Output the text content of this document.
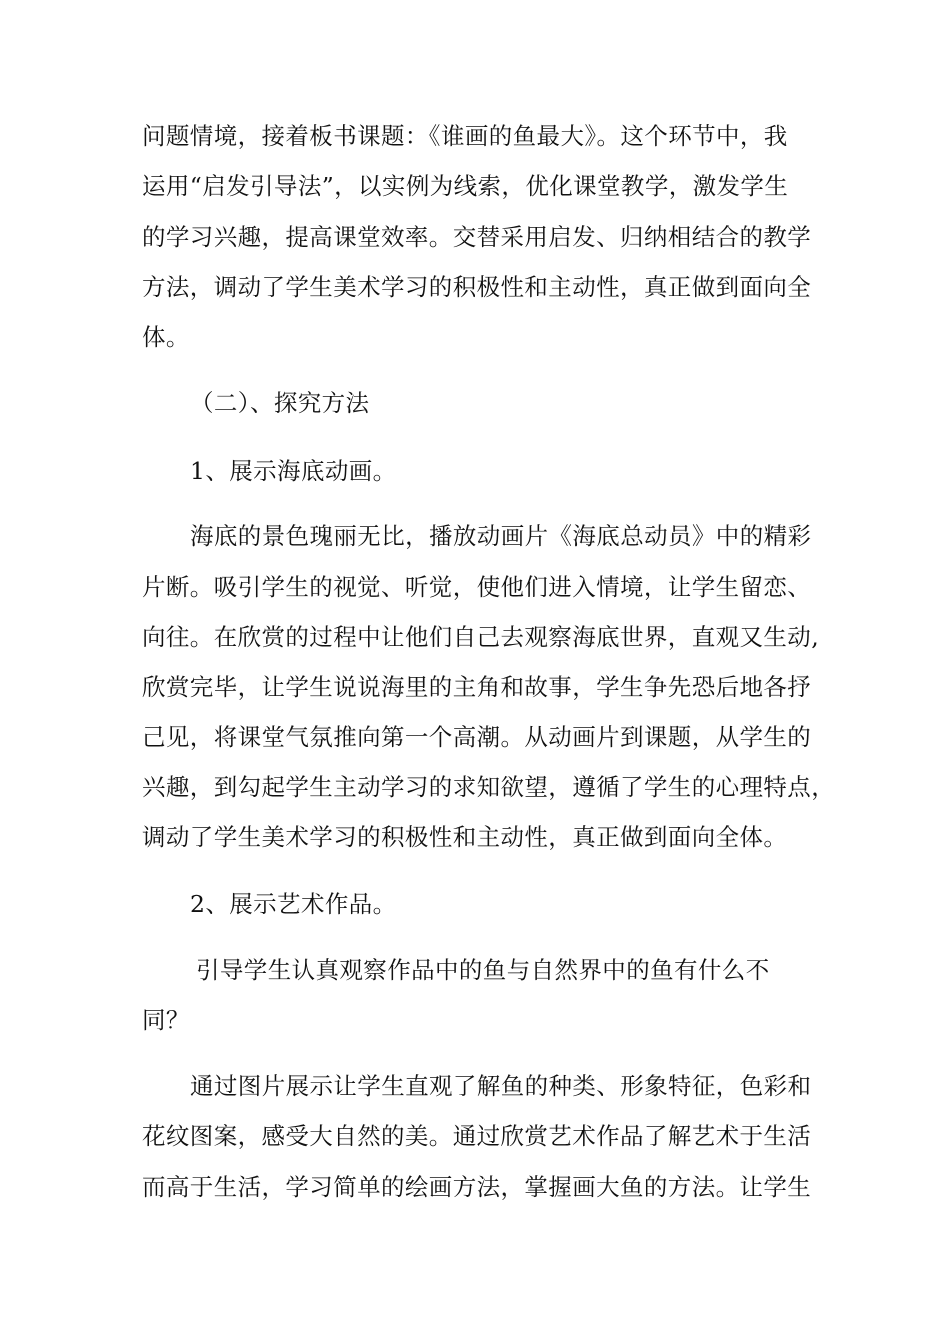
问题情境，接着板书课题：《谁画的鱼最大》。这个环节中，我
运用“启发引导法”，以实例为线索，优化课堂教学，激发学生
的学习兴趣，提高课堂效率。交替采用启发、归纳相结合的教学
方法，调动了学生美术学习的积极性和主动性，真正做到面向全
体。
（二）、探究方法
1、展示海底动画。
海底的景色瑰丽无比，播放动画片《海底总动员》中的精彩
片断。吸引学生的视觉、听觉，使他们进入情境，让学生留恋、
向往。在欣赏的过程中让他们自己去观察海底世界，直观又生动,
欣赏完毕，让学生说说海里的主角和故事，学生争先恐后地各抒
己见，将课堂气氛推向第一个高潮。从动画片到课题，从学生的
兴趣，到勾起学生主动学习的求知欲望，遵循了学生的心理特点，
调动了学生美术学习的积极性和主动性，真正做到面向全体。
2、展示艺术作品。
引导学生认真观察作品中的鱼与自然界中的鱼有什么不
同？
通过图片展示让学生直观了解鱼的种类、形象特征，色彩和
花纹图案，感受大自然的美。通过欣赏艺术作品了解艺术于生活
而高于生活，学习简单的绘画方法，掌握画大鱼的方法。让学生
